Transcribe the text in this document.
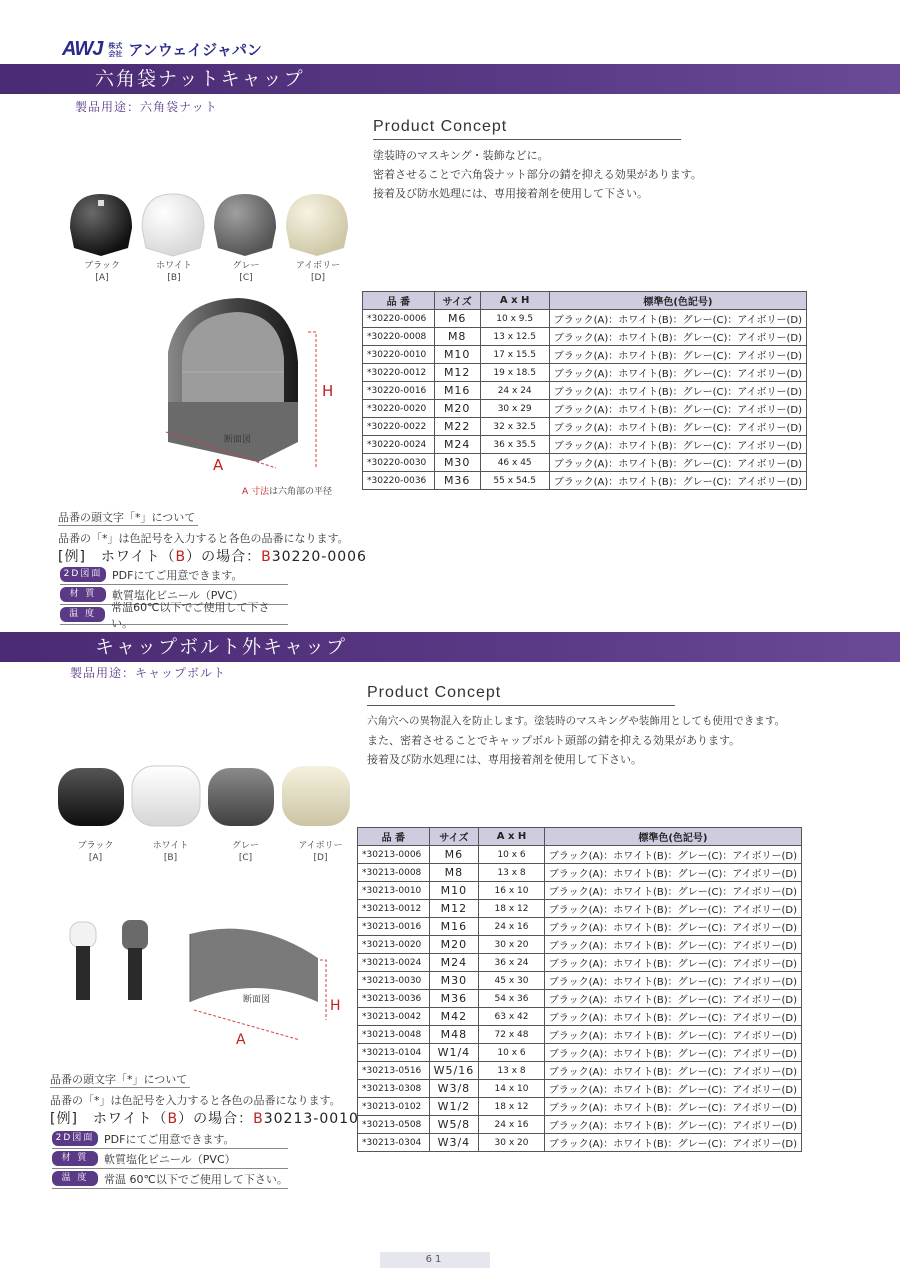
AWJ 株式
会社 アンウェイジャパン
六角袋ナットキャップ
製品用途：六角袋ナット
Product Concept
塗装時のマスキング・装飾などに。
密着させることで六角袋ナット部分の錆を抑える効果があります。
接着及び防水処理には、専用接着剤を使用して下さい。
ブラック
[A]
ホワイト
[B]
グレー
[C]
アイボリー
[D]
H
A
断面図
A 寸法は六角部の平径
品 番	サイズ	A x H	標準色(色記号)
*30220-0006	M6	10 x 9.5	ブラック(A)：ホワイト(B)：グレー(C)：アイボリー(D)
*30220-0008	M8	13 x 12.5	ブラック(A)：ホワイト(B)：グレー(C)：アイボリー(D)
*30220-0010	M10	17 x 15.5	ブラック(A)：ホワイト(B)：グレー(C)：アイボリー(D)
*30220-0012	M12	19 x 18.5	ブラック(A)：ホワイト(B)：グレー(C)：アイボリー(D)
*30220-0016	M16	24 x 24	ブラック(A)：ホワイト(B)：グレー(C)：アイボリー(D)
*30220-0020	M20	30 x 29	ブラック(A)：ホワイト(B)：グレー(C)：アイボリー(D)
*30220-0022	M22	32 x 32.5	ブラック(A)：ホワイト(B)：グレー(C)：アイボリー(D)
*30220-0024	M24	36 x 35.5	ブラック(A)：ホワイト(B)：グレー(C)：アイボリー(D)
*30220-0030	M30	46 x 45	ブラック(A)：ホワイト(B)：グレー(C)：アイボリー(D)
*30220-0036	M36	55 x 54.5	ブラック(A)：ホワイト(B)：グレー(C)：アイボリー(D)
品番の頭文字「*」について
品番の「*」は色記号を入力すると各色の品番になります。
[例]　ホワイト（B）の場合：B30220-0006
2D図面 PDFにてご用意できます。
材 質	軟質塩化ビニール（PVC）
温 度
常温60℃以下でご使用して下さい。
キャップボルト外キャップ
製品用途：キャップボルト
Product Concept
六角穴への異物混入を防止します。塗装時のマスキングや装飾用としても使用できます。
また、密着させることでキャップボルト頭部の錆を抑える効果があります。
接着及び防水処理には、専用接着剤を使用して下さい。
ブラック
[A]
ホワイト
[B]
グレー
[C]
アイボリー
[D]
H
A
断面図
品 番	サイズ	A x H	標準色(色記号)
*30213-0006	M6	10 x 6	ブラック(A)：ホワイト(B)：グレー(C)：アイボリー(D)
*30213-0008	M8	13 x 8	ブラック(A)：ホワイト(B)：グレー(C)：アイボリー(D)
*30213-0010	M10	16 x 10	ブラック(A)：ホワイト(B)：グレー(C)：アイボリー(D)
*30213-0012	M12	18 x 12	ブラック(A)：ホワイト(B)：グレー(C)：アイボリー(D)
*30213-0016	M16	24 x 16	ブラック(A)：ホワイト(B)：グレー(C)：アイボリー(D)
*30213-0020	M20	30 x 20	ブラック(A)：ホワイト(B)：グレー(C)：アイボリー(D)
*30213-0024	M24	36 x 24	ブラック(A)：ホワイト(B)：グレー(C)：アイボリー(D)
*30213-0030	M30	45 x 30	ブラック(A)：ホワイト(B)：グレー(C)：アイボリー(D)
*30213-0036	M36	54 x 36	ブラック(A)：ホワイト(B)：グレー(C)：アイボリー(D)
*30213-0042	M42	63 x 42	ブラック(A)：ホワイト(B)：グレー(C)：アイボリー(D)
*30213-0048	M48	72 x 48	ブラック(A)：ホワイト(B)：グレー(C)：アイボリー(D)
*30213-0104	W1/4	10 x 6	ブラック(A)：ホワイト(B)：グレー(C)：アイボリー(D)
*30213-0516	W5/16	13 x 8	ブラック(A)：ホワイト(B)：グレー(C)：アイボリー(D)
*30213-0308	W3/8	14 x 10	ブラック(A)：ホワイト(B)：グレー(C)：アイボリー(D)
*30213-0102	W1/2	18 x 12	ブラック(A)：ホワイト(B)：グレー(C)：アイボリー(D)
*30213-0508	W5/8	24 x 16	ブラック(A)：ホワイト(B)：グレー(C)：アイボリー(D)
*30213-0304	W3/4	30 x 20	ブラック(A)：ホワイト(B)：グレー(C)：アイボリー(D)
品番の頭文字「*」について
品番の「*」は色記号を入力すると各色の品番になります。
[例]　ホワイト（B）の場合：B30213-0010
2D図面 PDFにてご用意できます。
材 質	軟質塩化ビニール（PVC）
温 度	常温 60℃以下でご使用して下さい。
61
